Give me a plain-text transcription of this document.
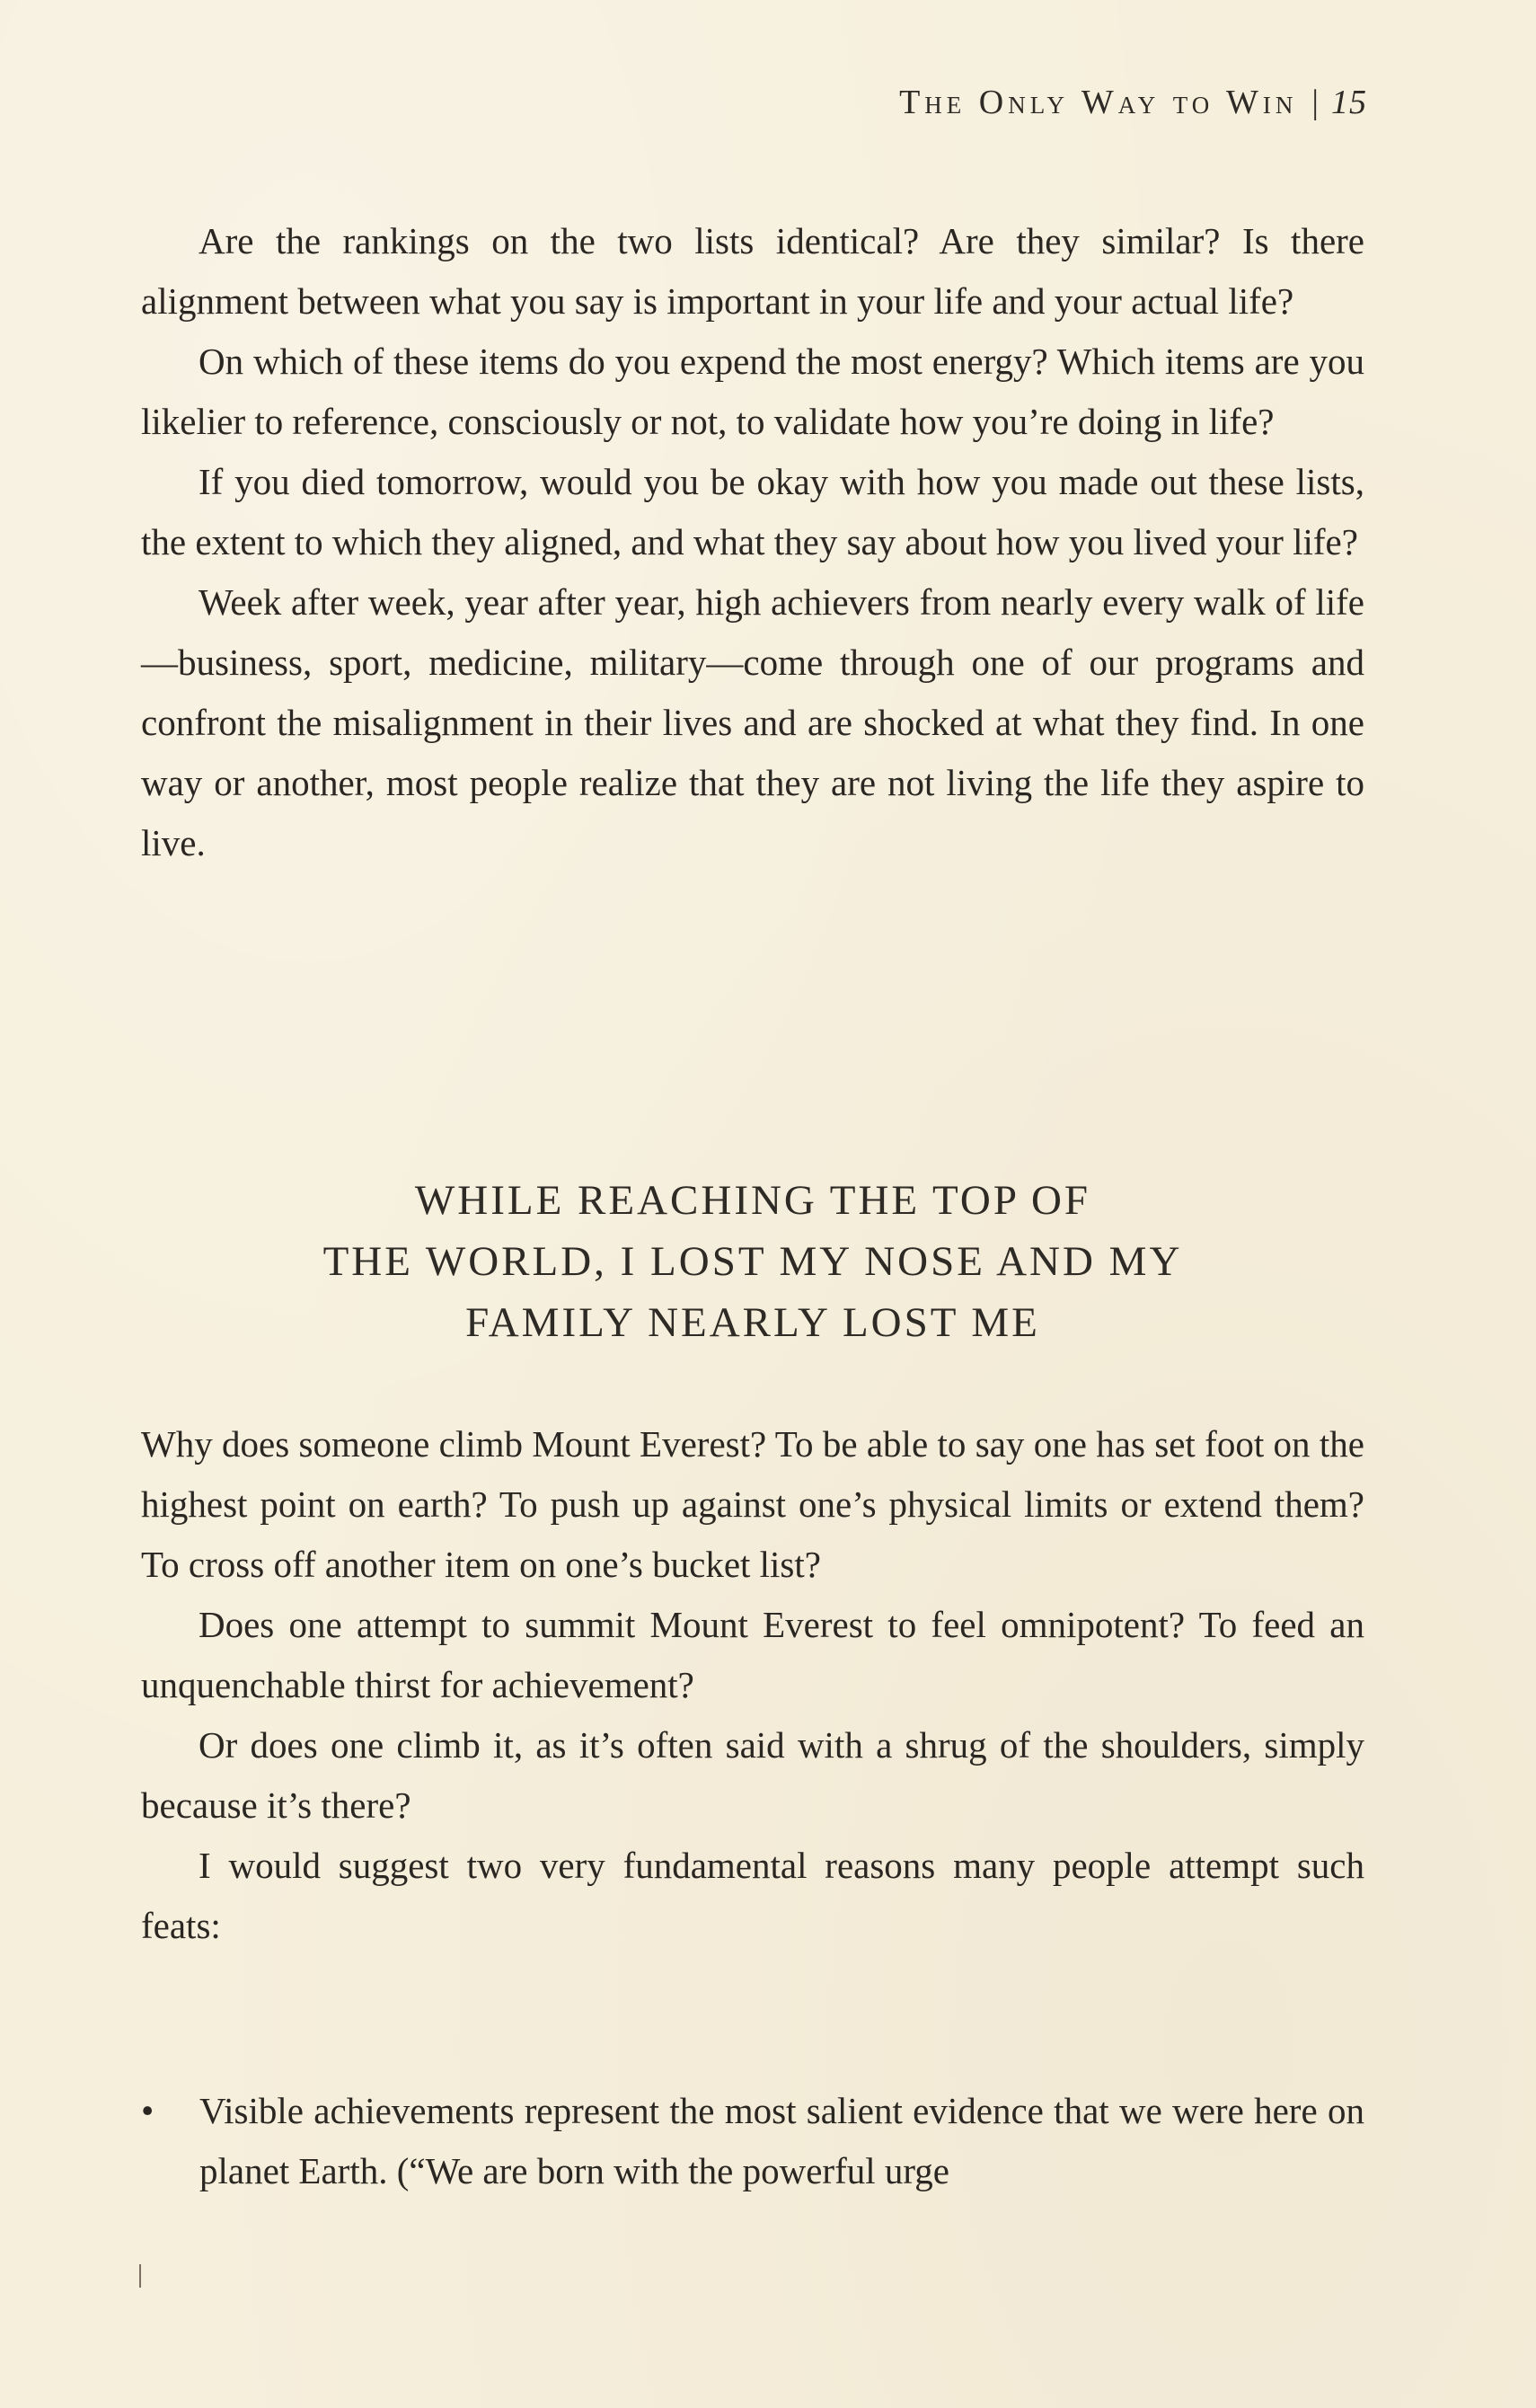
The Only Way to Win | 15

Are the rankings on the two lists identical? Are they similar? Is there alignment between what you say is important in your life and your actual life?

On which of these items do you expend the most energy? Which items are you likelier to reference, consciously or not, to validate how you’re doing in life?

If you died tomorrow, would you be okay with how you made out these lists, the extent to which they aligned, and what they say about how you lived your life?

Week after week, year after year, high achievers from nearly every walk of life—business, sport, medicine, military—come through one of our programs and confront the misalignment in their lives and are shocked at what they find. In one way or another, most people realize that they are not living the life they aspire to live.

WHILE REACHING THE TOP OF
THE WORLD, I LOST MY NOSE AND MY
FAMILY NEARLY LOST ME

Why does someone climb Mount Everest? To be able to say one has set foot on the highest point on earth? To push up against one’s physical limits or extend them? To cross off another item on one’s bucket list?

Does one attempt to summit Mount Everest to feel omnipotent? To feed an unquenchable thirst for achievement?

Or does one climb it, as it’s often said with a shrug of the shoulders, simply because it’s there?

I would suggest two very fundamental reasons many people attempt such feats:

•	Visible achievements represent the most salient evidence that we were here on planet Earth. (“We are born with the powerful urge
